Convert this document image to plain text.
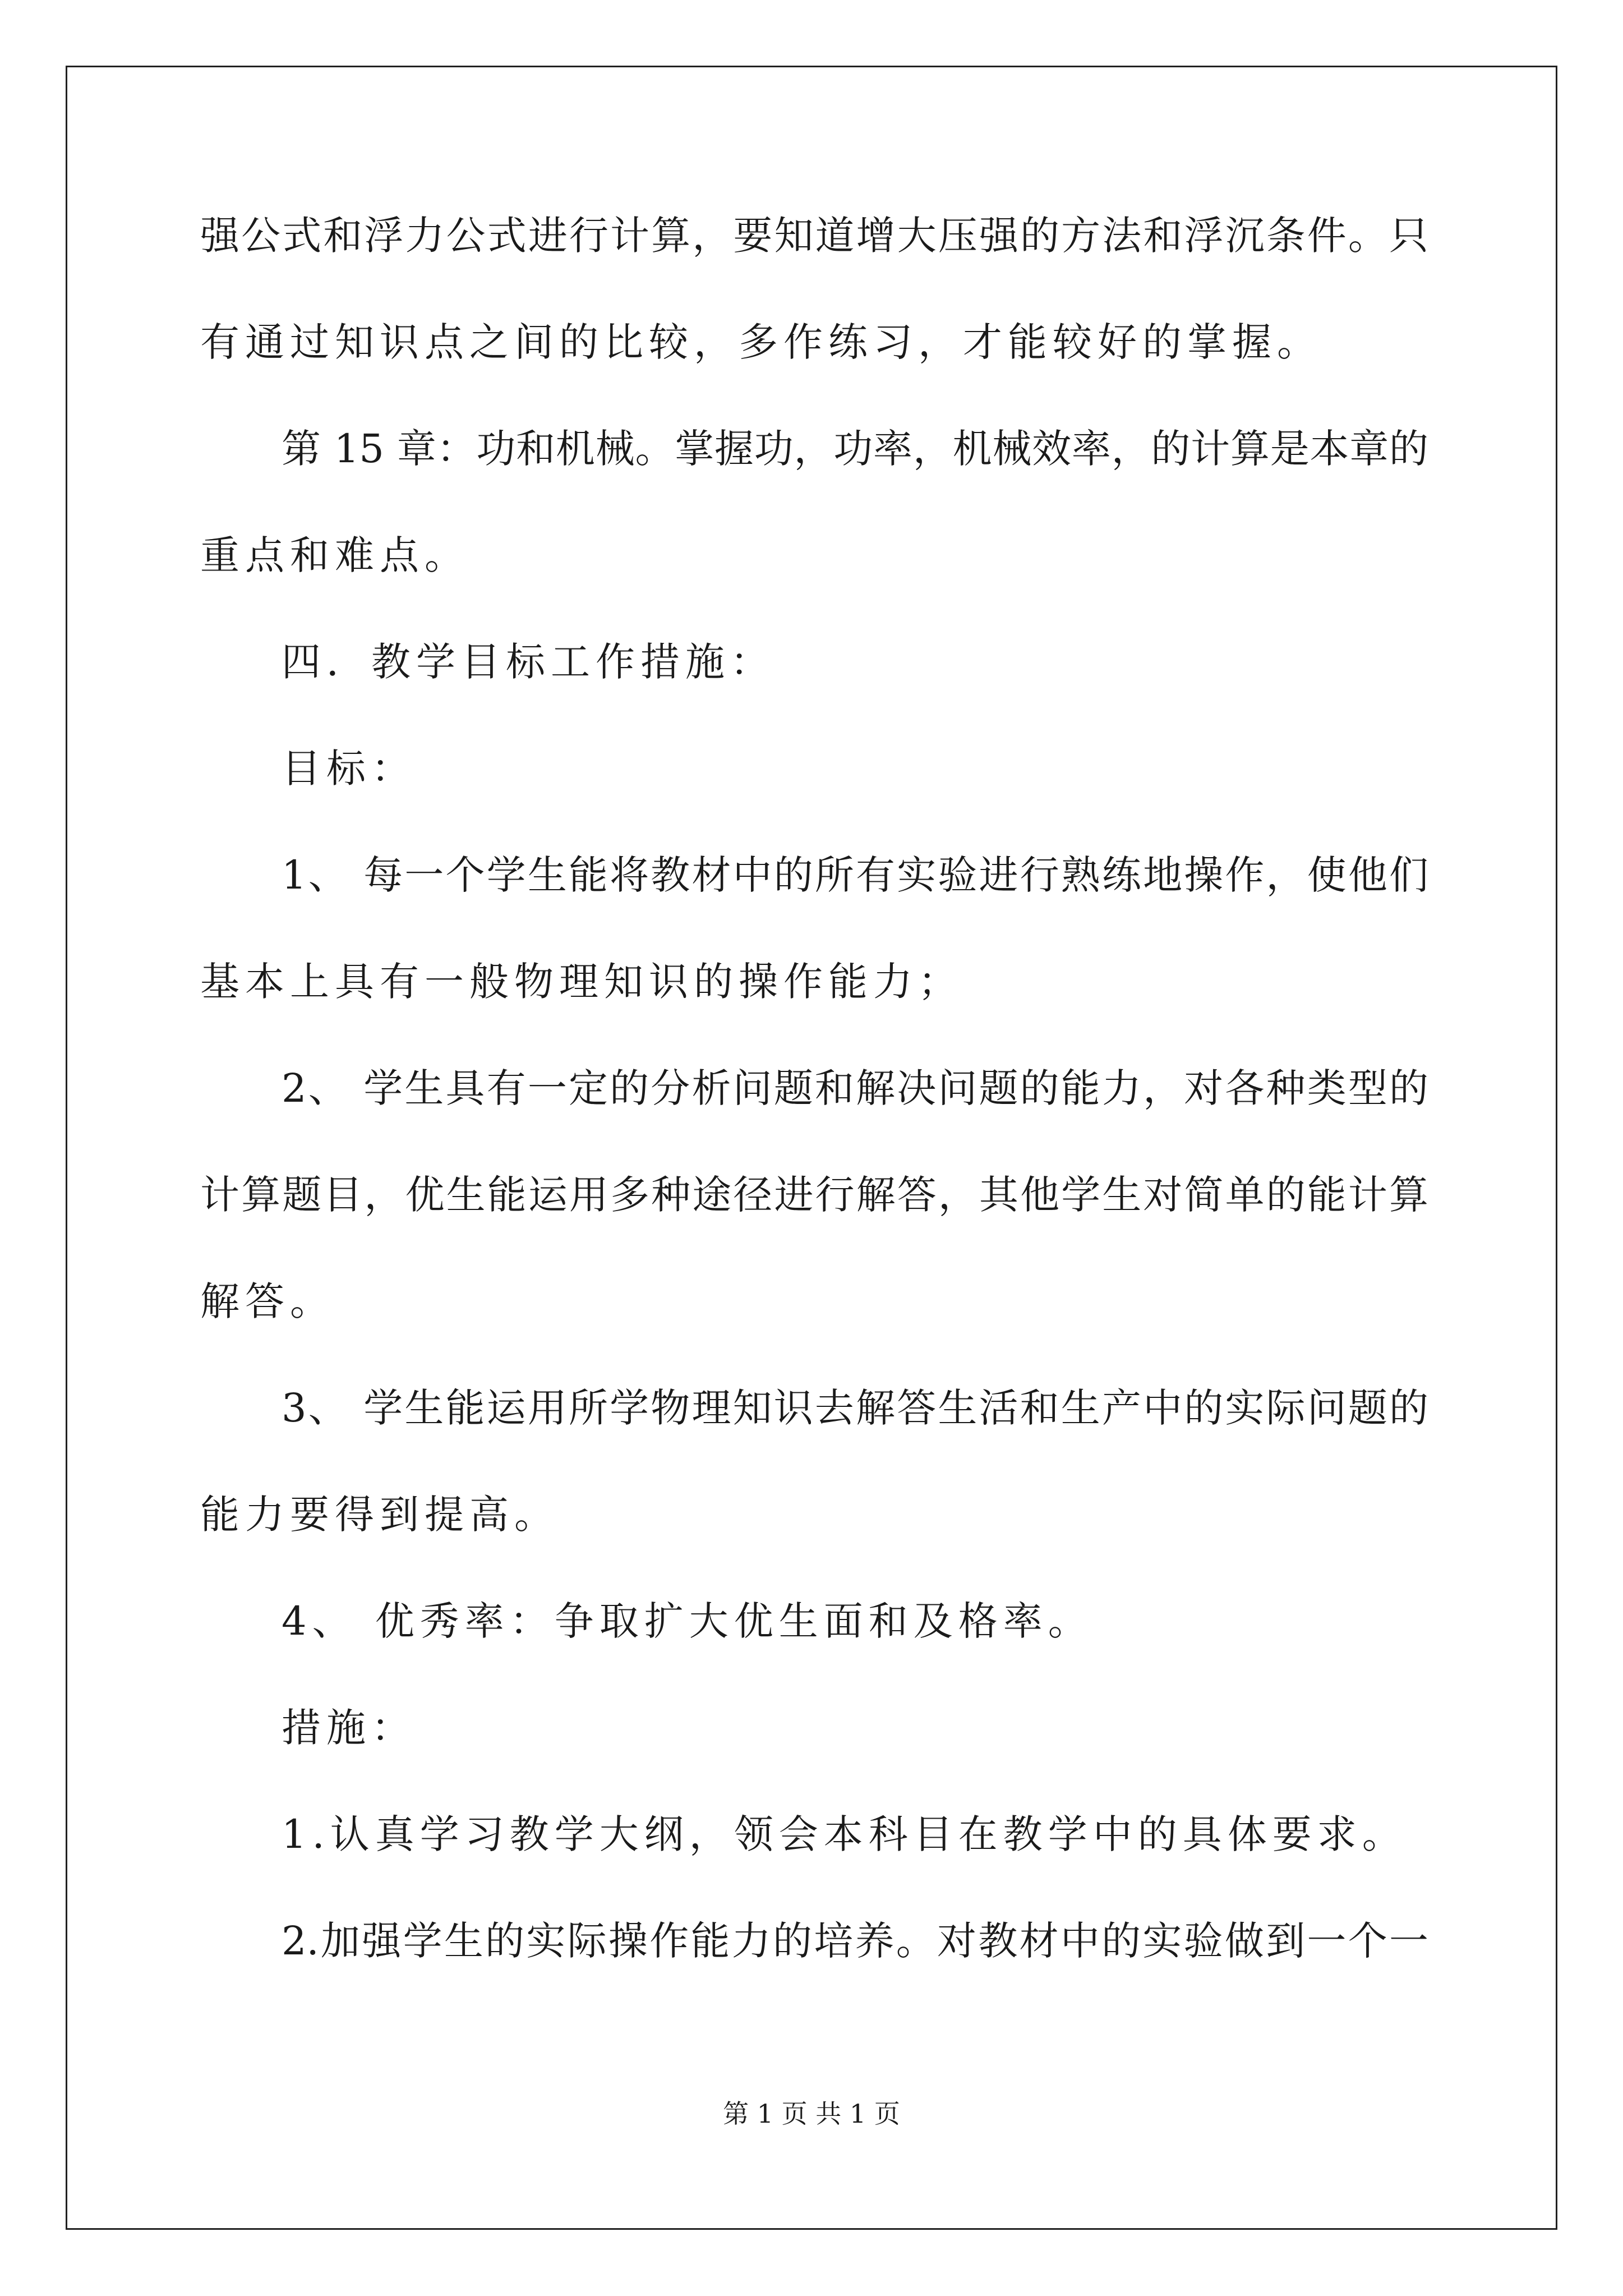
强公式和浮力公式进行计算，要知道增大压强的方法和浮沉条件。只
有通过知识点之间的比较，多作练习，才能较好的掌握。
第 15 章：功和机械。掌握功，功率，机械效率，的计算是本章的
重点和难点。
四．教学目标工作措施：
目标：
1、 每一个学生能将教材中的所有实验进行熟练地操作，使他们
基本上具有一般物理知识的操作能力；
2、 学生具有一定的分析问题和解决问题的能力，对各种类型的
计算题目，优生能运用多种途径进行解答，其他学生对简单的能计算
解答。
3、 学生能运用所学物理知识去解答生活和生产中的实际问题的
能力要得到提高。
4、 优秀率：争取扩大优生面和及格率。
措施：
1.认真学习教学大纲，领会本科目在教学中的具体要求。
2.加强学生的实际操作能力的培养。对教材中的实验做到一个一
第 1 页 共 1 页
